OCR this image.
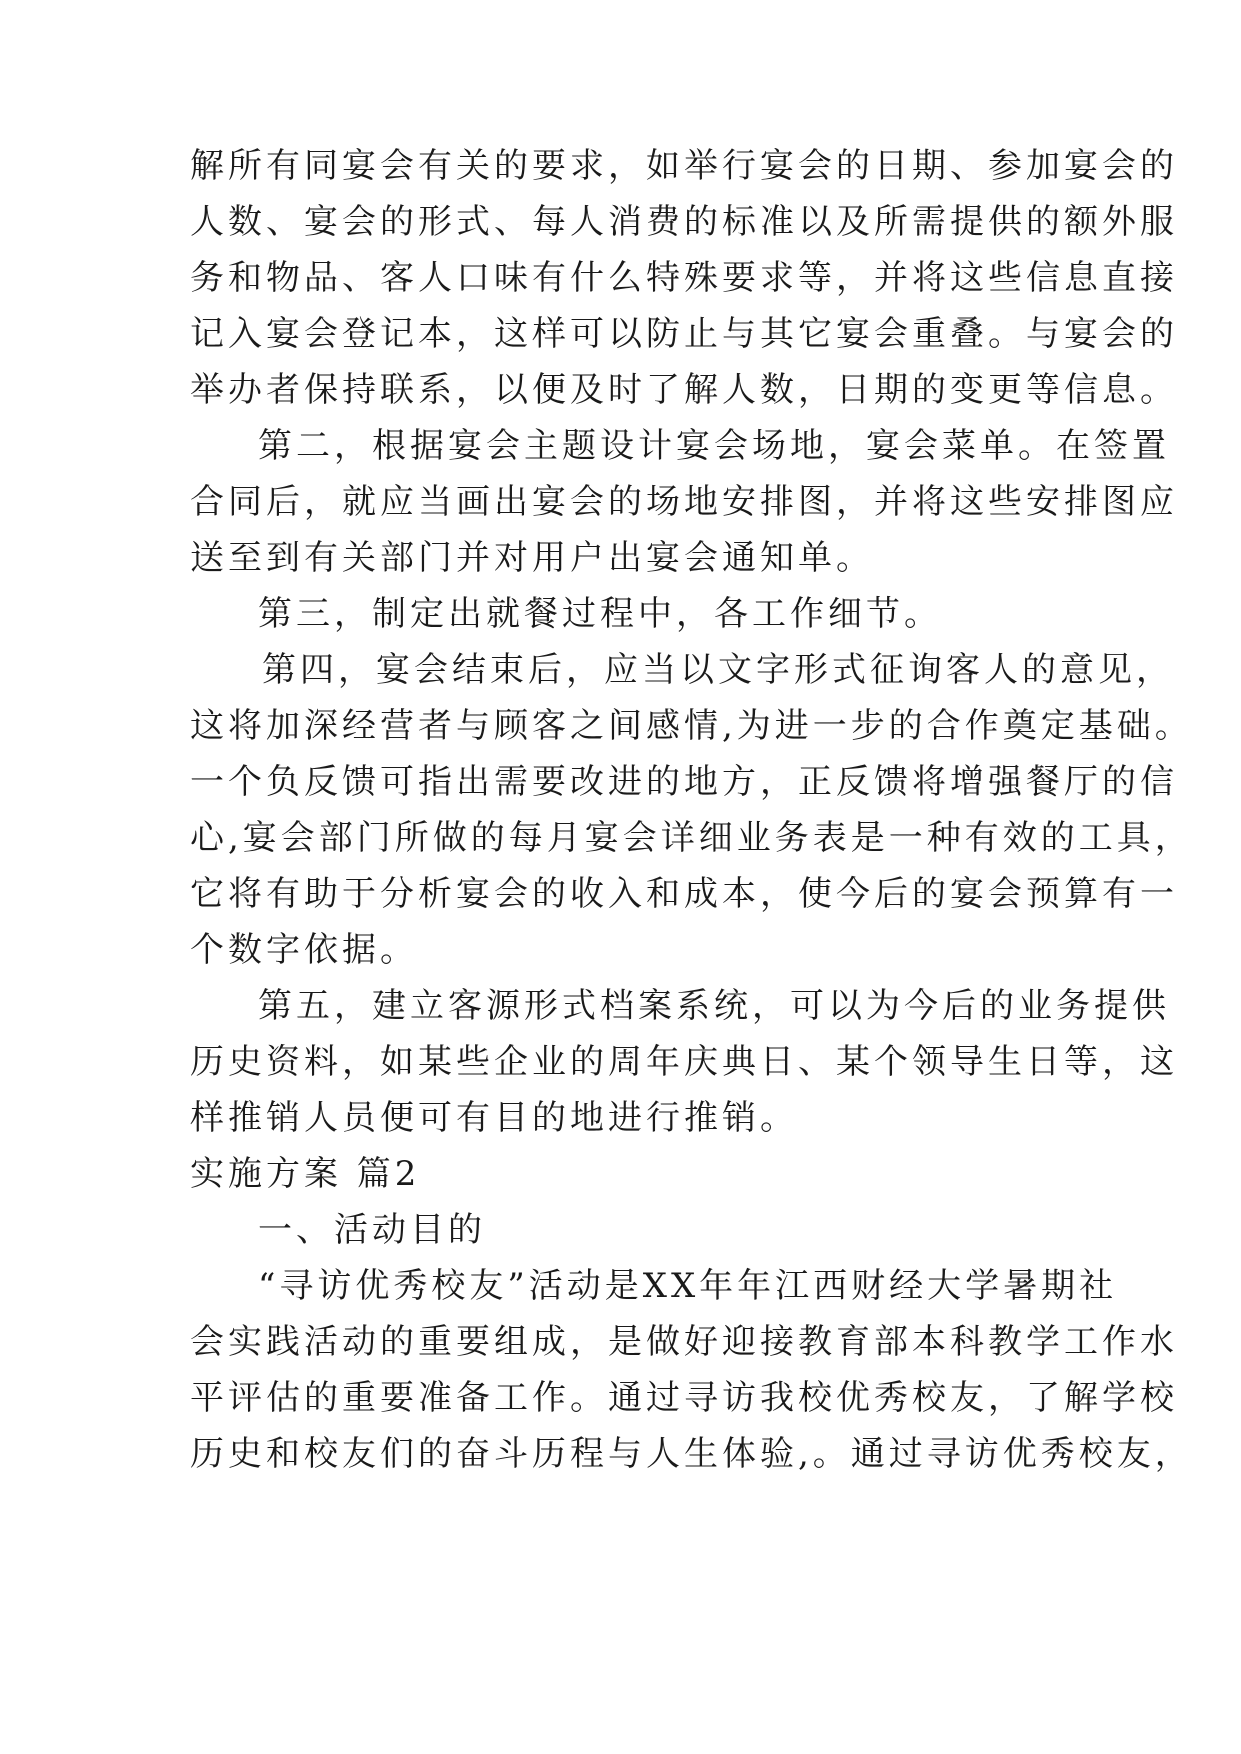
解所有同宴会有关的要求，如举行宴会的日期、参加宴会的
人数、宴会的形式、每人消费的标准以及所需提供的额外服
务和物品、客人口味有什么特殊要求等，并将这些信息直接
记入宴会登记本，这样可以防止与其它宴会重叠。与宴会的
举办者保持联系，以便及时了解人数，日期的变更等信息。
第二，根据宴会主题设计宴会场地，宴会菜单。在签置
合同后，就应当画出宴会的场地安排图，并将这些安排图应
送至到有关部门并对用户出宴会通知单。
第三，制定出就餐过程中，各工作细节。
第四，宴会结束后，应当以文字形式征询客人的意见，
这将加深经营者与顾客之间感情,为进一步的合作奠定基础。
一个负反馈可指出需要改进的地方，正反馈将增强餐厅的信
心,宴会部门所做的每月宴会详细业务表是一种有效的工具，
它将有助于分析宴会的收入和成本，使今后的宴会预算有一
个数字依据。
第五，建立客源形式档案系统，可以为今后的业务提供
历史资料，如某些企业的周年庆典日、某个领导生日等，这
样推销人员便可有目的地进行推销。
实施方案 篇2
一、活动目的
“寻访优秀校友”活动是XX年年江西财经大学暑期社
会实践活动的重要组成，是做好迎接教育部本科教学工作水
平评估的重要准备工作。通过寻访我校优秀校友，了解学校
历史和校友们的奋斗历程与人生体验,。通过寻访优秀校友，
